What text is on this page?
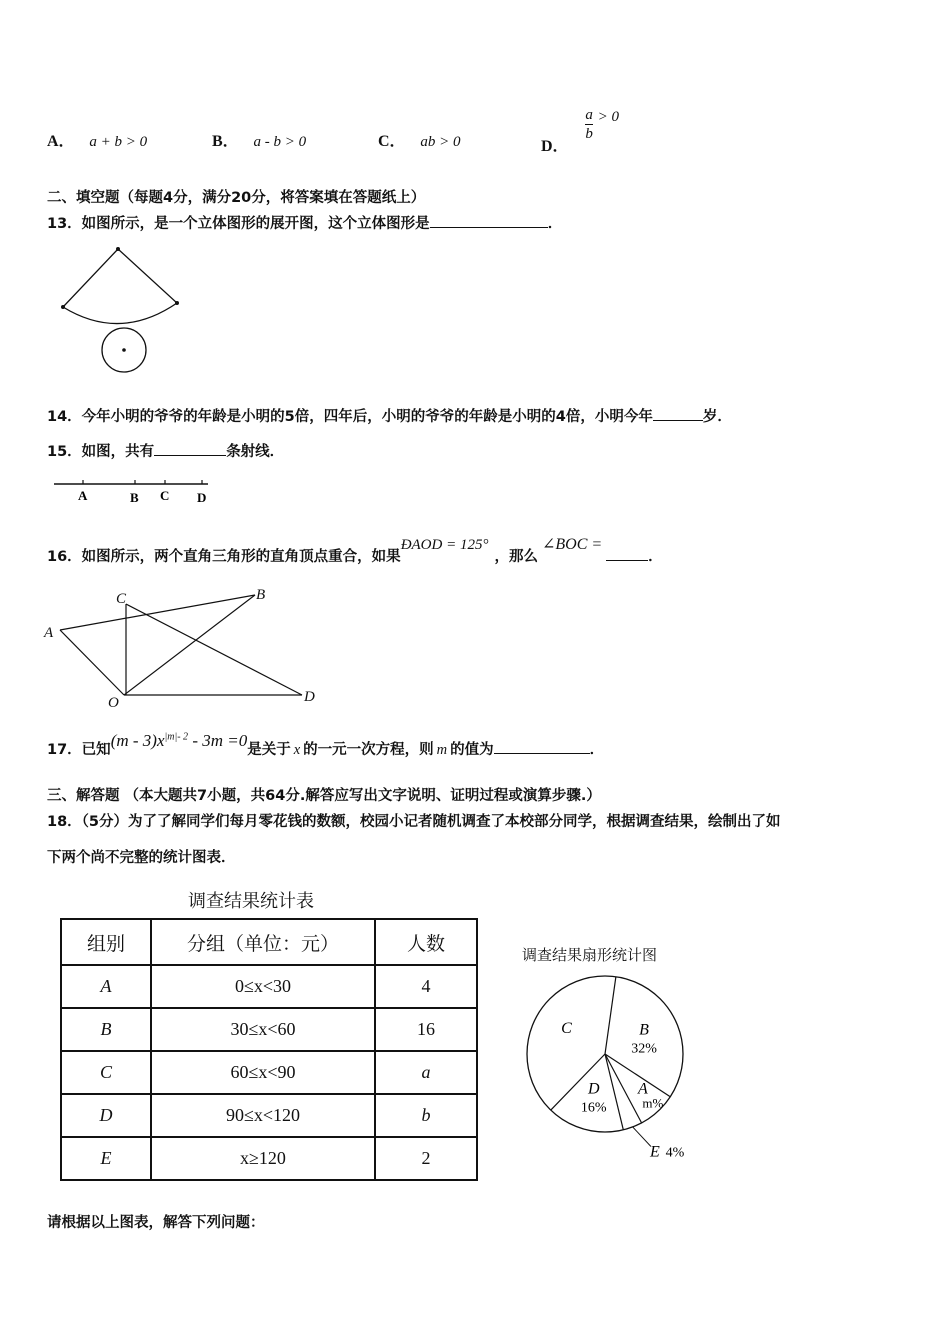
A． a + b > 0	B． a - b > 0	C． ab > 0	D．
$\frac{a}{b} > 0$
二、填空题（每题4分，满分20分，将答案填在答题纸上）
13．如图所示，是一个立体图形的展开图，这个立体图形是	．
14．今年小明的爷爷的年龄是小明的5倍，四年后，小明的爷爷的年龄是小明的4倍，小明今年	岁．
15．如图，共有	条射线．
A	B C D
16．如图所示，两个直角三角形的直角顶点重合，如果ÐAOD = 125°，那么∠BOC =．
C	B
A
O	D
17．已知$(m - 3)x^{|m|- 2} - 3m =0$是关于 x 的一元一次方程，则 m 的值为	．
三、解答题 （本大题共7小题，共64分.解答应写出文字说明、证明过程或演算步骤.）
18．（5分）为了了解同学们每月零花钱的数额，校园小记者随机调查了本校部分同学，根据调查结果，绘制出了如
下两个尚不完整的统计图表．
调查结果统计表
组别	分组（单位：元）	人数
A	0≤x<30	4
B	30≤x<60	16
C	60≤x<90	a
D	90≤x<120	b
E	x≥120	2
调查结果扇形统计图
B
32%
A
m%
E 4%
D
16%
C
请根据以上图表，解答下列问题：
